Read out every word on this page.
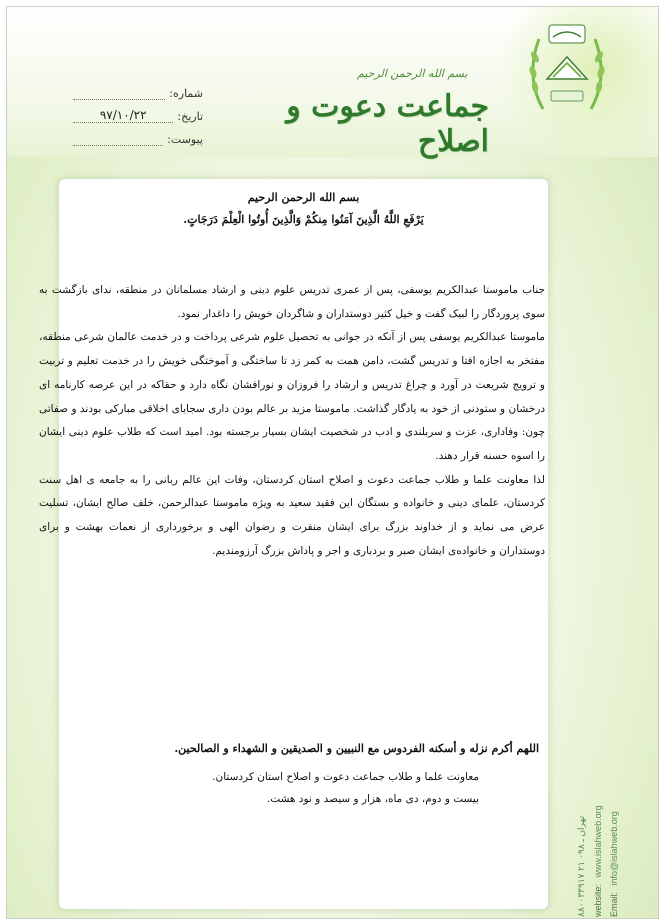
شماره:
تاریخ:
۹۷/۱۰/۲۲
پیوست:
بسم الله الرحمن الرحیم
جماعت دعوت و اصلاح
بسم الله الرحمن الرحیم
يَرْفَعِ اللَّهُ الَّذِينَ آمَنُوا مِنكُمْ وَالَّذِينَ أُوتُوا الْعِلْمَ دَرَجَاتٍ.

جناب ماموستا عبدالکریم یوسفی، پس از عمری تدریس علوم دینی و ارشاد مسلمانان در منطقه، ندای بازگشت به سوی پروردگار را لبیک گفت و خیل کثیر دوستداران و شاگردان خویش را داغدار نمود.

ماموستا عبدالکریم یوسفی پس از آنکه در جوانی به تحصیل علوم شرعی پرداخت و در خدمت عالمان شرعی منطقه، مفتخر به اجازه افتا و تدریس گشت، دامن همت به کمر زد تا ساختگی و آموختگی خویش را در خدمت تعلیم و تربیت و ترویج شریعت در آورد و چراغ تدریس و ارشاد را فروزان و نورافشان نگاه دارد و حقاکه در این عرصه کارنامه ای درخشان و ستودنی از خود به یادگار گذاشت. ماموستا مزید بر عالم بودن داری سجایای اخلاقی مبارکی بودند و صفاتی چون: وفاداری، عزت و سربلندی و ادب در شخصیت ایشان بسیار برجسته بود. امید است که طلاب علوم دینی ایشان را اسوه حسنه قرار دهند.

لذا معاونت علما و طلاب جماعت دعوت و اصلاح استان کردستان، وفات این عالم ربانی را به جامعه ی اهل سنت کردستان، علمای دینی و خانواده و بستگان این فقید سعید به ویژه ماموستا عبدالرحمن، خلف صالح ایشان، تسلیت عرض می نماید و از خداوند بزرگ برای ایشان منفرت و رضوان الهی و برخورداری از نعمات بهشت و برای دوستداران و خانواده‌ی ایشان صبر و بردباری و اجر و پاداش بزرگ آرزومندیم.

اللهم أکرم نزله و أسکنه الفردوس مع النبیین و الصدیقین و الشهداء و الصالحین.
معاونت علما و طلاب جماعت دعوت و اصلاح استان کردستان.
بیست و دوم، دی ماه، هزار و سیصد و نود هشت.
تهران ـ ۰۹۸ ۲۱ ۸۸۰۰۳۳۹۱۷
website: www.islahweb.org
Email: info@islahweb.org
